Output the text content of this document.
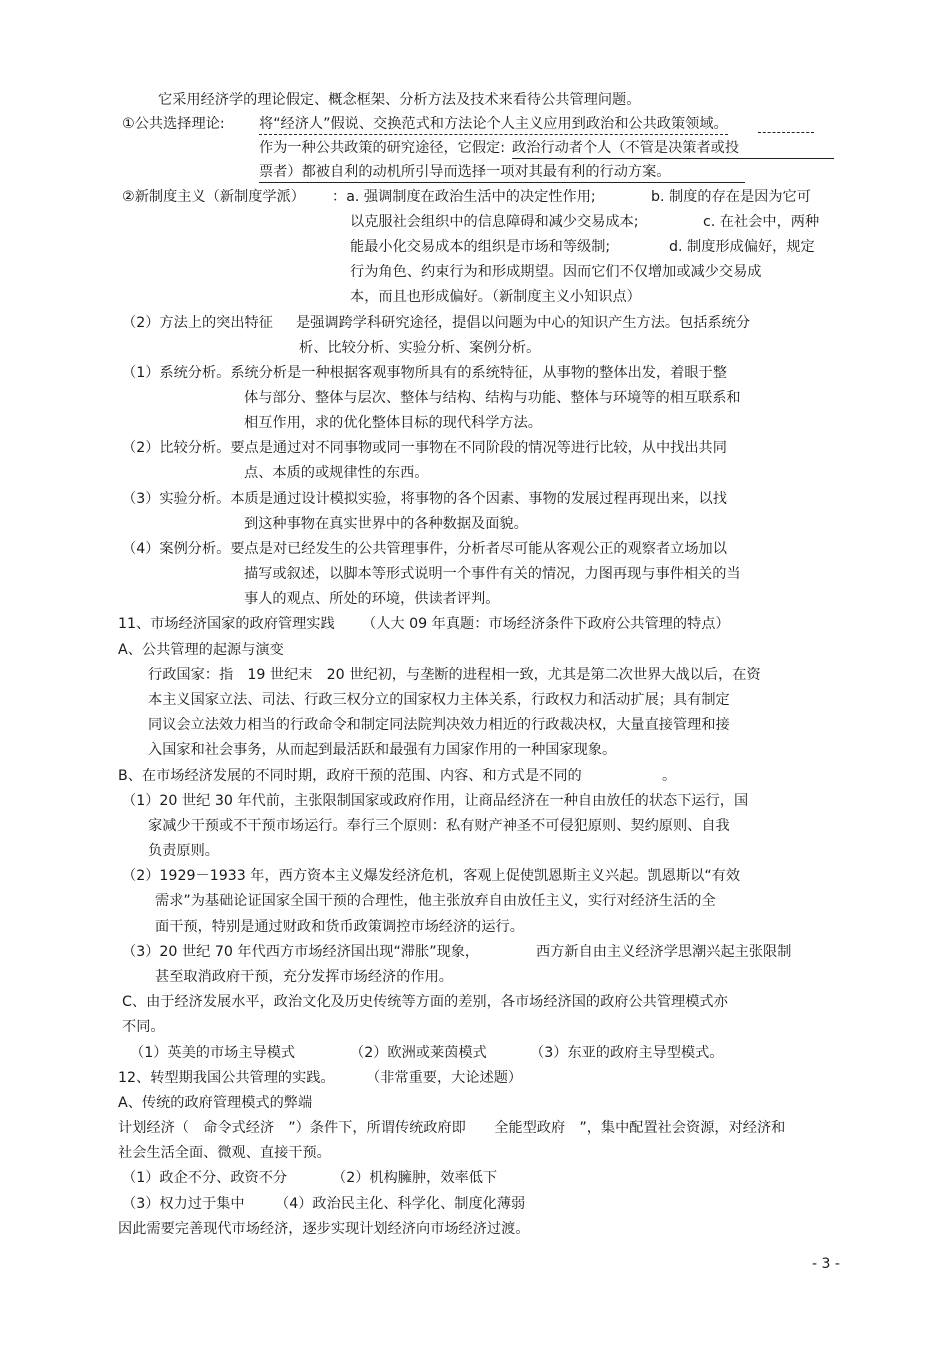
它采用经济学的理论假定、概念框架、分析方法及技术来看待公共管理问题。
①公共选择理论: 将“经济人”假说、交换范式和方法论个人主义应用到政治和公共政策领域。
作为一种公共政策的研究途径，它假定: 政治行动者个人（不管是决策者或投
票者）都被自利的动机所引导而选择一项对其最有利的行动方案。
②新制度主义（新制度学派） ：a. 强调制度在政治生活中的决定性作用;	b. 制度的存在是因为它可
以克服社会组织中的信息障碍和减少交易成本;	c. 在社会中，两种
能最小化交易成本的组织是市场和等级制;	d. 制度形成偏好，规定
行为角色、约束行为和形成期望。因而它们不仅增加或减少交易成
本，而且也形成偏好。（新制度主义小知识点）
（2）方法上的突出特征 是强调跨学科研究途径，提倡以问题为中心的知识产生方法。包括系统分
析、比较分析、实验分析、案例分析。
（1）系统分析。系统分析是一种根据客观事物所具有的系统特征，从事物的整体出发，着眼于整
体与部分、整体与层次、整体与结构、结构与功能、整体与环境等的相互联系和
相互作用，求的优化整体目标的现代科学方法。
（2）比较分析。要点是通过对不同事物或同一事物在不同阶段的情况等进行比较，从中找出共同
点、本质的或规律性的东西。
（3）实验分析。本质是通过设计模拟实验，将事物的各个因素、事物的发展过程再现出来，以找
到这种事物在真实世界中的各种数据及面貌。
（4）案例分析。要点是对已经发生的公共管理事件，分析者尽可能从客观公正的观察者立场加以
描写或叙述，以脚本等形式说明一个事件有关的情况，力图再现与事件相关的当
事人的观点、所处的环境，供读者评判。
11、市场经济国家的政府管理实践 （人大 09 年真题：市场经济条件下政府公共管理的特点）
A、公共管理的起源与演变
行政国家：指　19 世纪末　20 世纪初，与垄断的进程相一致，尤其是第二次世界大战以后，在资
本主义国家立法、司法、行政三权分立的国家权力主体关系，行政权力和活动扩展；具有制定
同议会立法效力相当的行政命令和制定同法院判决效力相近的行政裁决权，大量直接管理和接
入国家和社会事务，从而起到最活跃和最强有力国家作用的一种国家现象。
B、在市场经济发展的不同时期，政府干预的范围、内容、和方式是不同的	。
（1）20 世纪 30 年代前，主张限制国家或政府作用，让商品经济在一种自由放任的状态下运行，国
家减少干预或不干预市场运行。奉行三个原则：私有财产神圣不可侵犯原则、契约原则、自我
负责原则。
（2）1929－1933 年，西方资本主义爆发经济危机，客观上促使凯恩斯主义兴起。凯恩斯以“有效
需求”为基础论证国家全国干预的合理性，他主张放弃自由放任主义，实行对经济生活的全
面干预，特别是通过财政和货币政策调控市场经济的运行。
（3）20 世纪 70 年代西方市场经济国出现“滞胀”现象，	西方新自由主义经济学思潮兴起主张限制
甚至取消政府干预，充分发挥市场经济的作用。
C、由于经济发展水平，政治文化及历史传统等方面的差别，各市场经济国的政府公共管理模式亦
不同。
（1）英美的市场主导模式	（2）欧洲或莱茵模式	（3）东亚的政府主导型模式。
12、转型期我国公共管理的实践。 （非常重要，大论述题）
A、传统的政府管理模式的弊端
计划经济（　命令式经济　”）条件下，所谓传统政府即　　全能型政府　”，集中配置社会资源，对经济和
社会生活全面、微观、直接干预。
（1）政企不分、政资不分	（2）机构臃肿，效率低下
（3）权力过于集中 （4）政治民主化、科学化、制度化薄弱
因此需要完善现代市场经济，逐步实现计划经济向市场经济过渡。
- 3 -
